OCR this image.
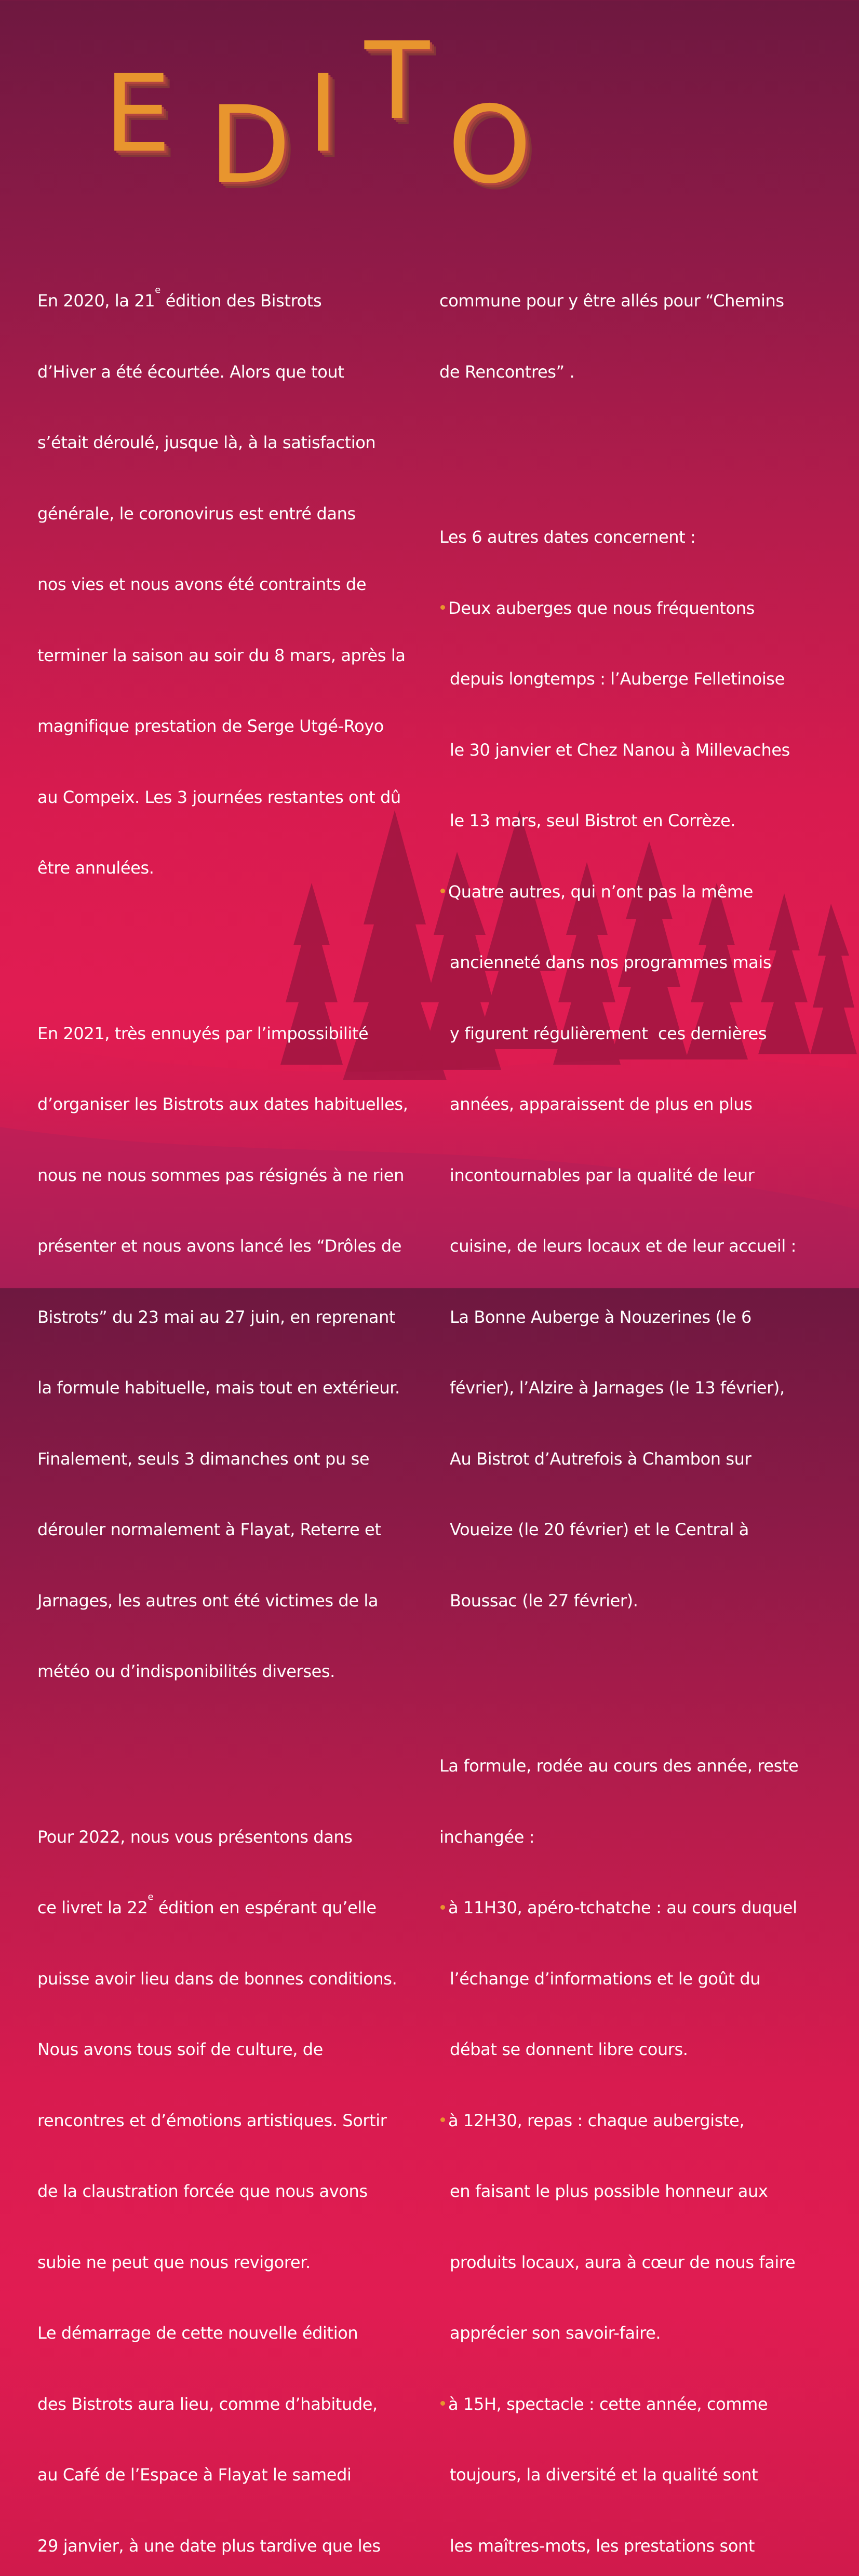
E D I T
O

En 2020, la 21e édition des Bistrots

d’Hiver a été écourtée. Alors que tout

s’était déroulé, jusque là, à la satisfaction

générale, le coronovirus est entré dans

nos vies et nous avons été contraints de

terminer la saison au soir du 8 mars, après la

magnifique prestation de Serge Utgé-Royo

au Compeix. Les 3 journées restantes ont dû

être annulées.

En 2021, très ennuyés par l’impossibilité

d’organiser les Bistrots aux dates habituelles,

nous ne nous sommes pas résignés à ne rien

présenter et nous avons lancé les “Drôles de

Bistrots” du 23 mai au 27 juin, en reprenant

la formule habituelle, mais tout en extérieur.

Finalement, seuls 3 dimanches ont pu se

dérouler normalement à Flayat, Reterre et

Jarnages, les autres ont été victimes de la

météo ou d’indisponibilités diverses.

Pour 2022, nous vous présentons dans

ce livret la 22e édition en espérant qu’elle

puisse avoir lieu dans de bonnes conditions.

Nous avons tous soif de culture, de

rencontres et d’émotions artistiques. Sortir

de la claustration forcée que nous avons

subie ne peut que nous revigorer.

Le démarrage de cette nouvelle édition

des Bistrots aura lieu, comme d’habitude,

au Café de l’Espace à Flayat le samedi

29 janvier, à une date plus tardive que les

commune pour y être allés pour “Chemins

de Rencontres” .

Les 6 autres dates concernent :

Deux auberges que nous fréquentons

depuis longtemps : l’Auberge Felletinoise

le 30 janvier et Chez Nanou à Millevaches

le 13 mars, seul Bistrot en Corrèze.

Quatre autres, qui n’ont pas la même

ancienneté dans nos programmes mais

y figurent régulièrement  ces dernières

années, apparaissent de plus en plus

incontournables par la qualité de leur

cuisine, de leurs locaux et de leur accueil :

La Bonne Auberge à Nouzerines (le 6

février), l’Alzire à Jarnages (le 13 février),

Au Bistrot d’Autrefois à Chambon sur

Voueize (le 20 février) et le Central à

Boussac (le 27 février).

La formule, rodée au cours des année, reste

inchangée :

à 11H30, apéro-tchatche : au cours duquel

l’échange d’informations et le goût du

débat se donnent libre cours.

à 12H30, repas : chaque aubergiste,

en faisant le plus possible honneur aux

produits locaux, aura à cœur de nous faire

apprécier son savoir-faire.

à 15H, spectacle : cette année, comme

toujours, la diversité et la qualité sont

les maîtres-mots, les prestations sont
